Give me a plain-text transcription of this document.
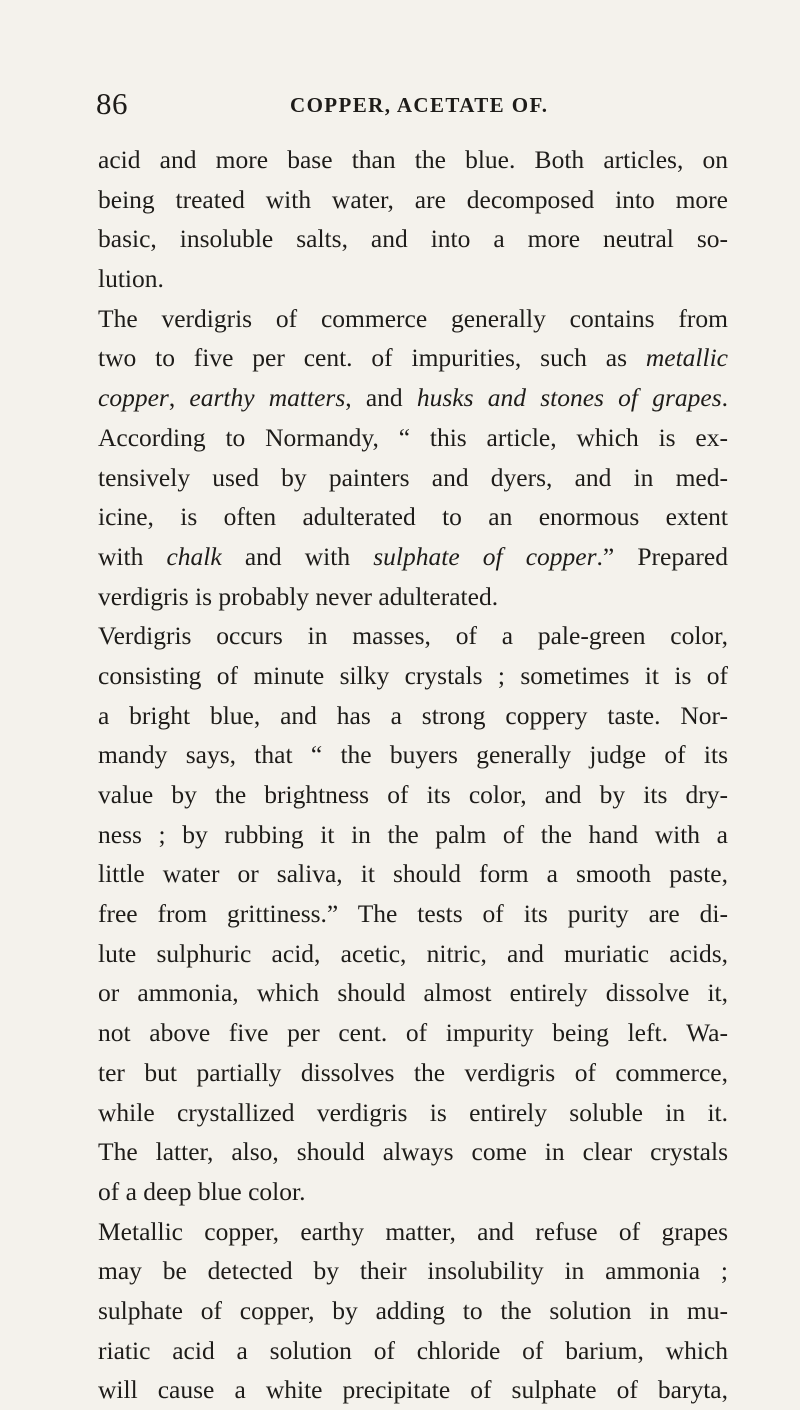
86	COPPER, ACETATE OF.
acid and more base than the blue. Both articles, on
being treated with water, are decomposed into more
basic, insoluble salts, and into a more neutral so-
lution.
The verdigris of commerce generally contains from
two to five per cent. of impurities, such as metallic
copper, earthy matters, and husks and stones of grapes.
According to Normandy, “ this article, which is ex-
tensively used by painters and dyers, and in med-
icine, is often adulterated to an enormous extent
with chalk and with sulphate of copper.” Prepared
verdigris is probably never adulterated.
Verdigris occurs in masses, of a pale-green color,
consisting of minute silky crystals ; sometimes it is of
a bright blue, and has a strong coppery taste. Nor-
mandy says, that “ the buyers generally judge of its
value by the brightness of its color, and by its dry-
ness ; by rubbing it in the palm of the hand with a
little water or saliva, it should form a smooth paste,
free from grittiness.” The tests of its purity are di-
lute sulphuric acid, acetic, nitric, and muriatic acids,
or ammonia, which should almost entirely dissolve it,
not above five per cent. of impurity being left. Wa-
ter but partially dissolves the verdigris of commerce,
while crystallized verdigris is entirely soluble in it.
The latter, also, should always come in clear crystals
of a deep blue color.
Metallic copper, earthy matter, and refuse of grapes
may be detected by their insolubility in ammonia ;
sulphate of copper, by adding to the solution in mu-
riatic acid a solution of chloride of barium, which
will cause a white precipitate of sulphate of baryta,
